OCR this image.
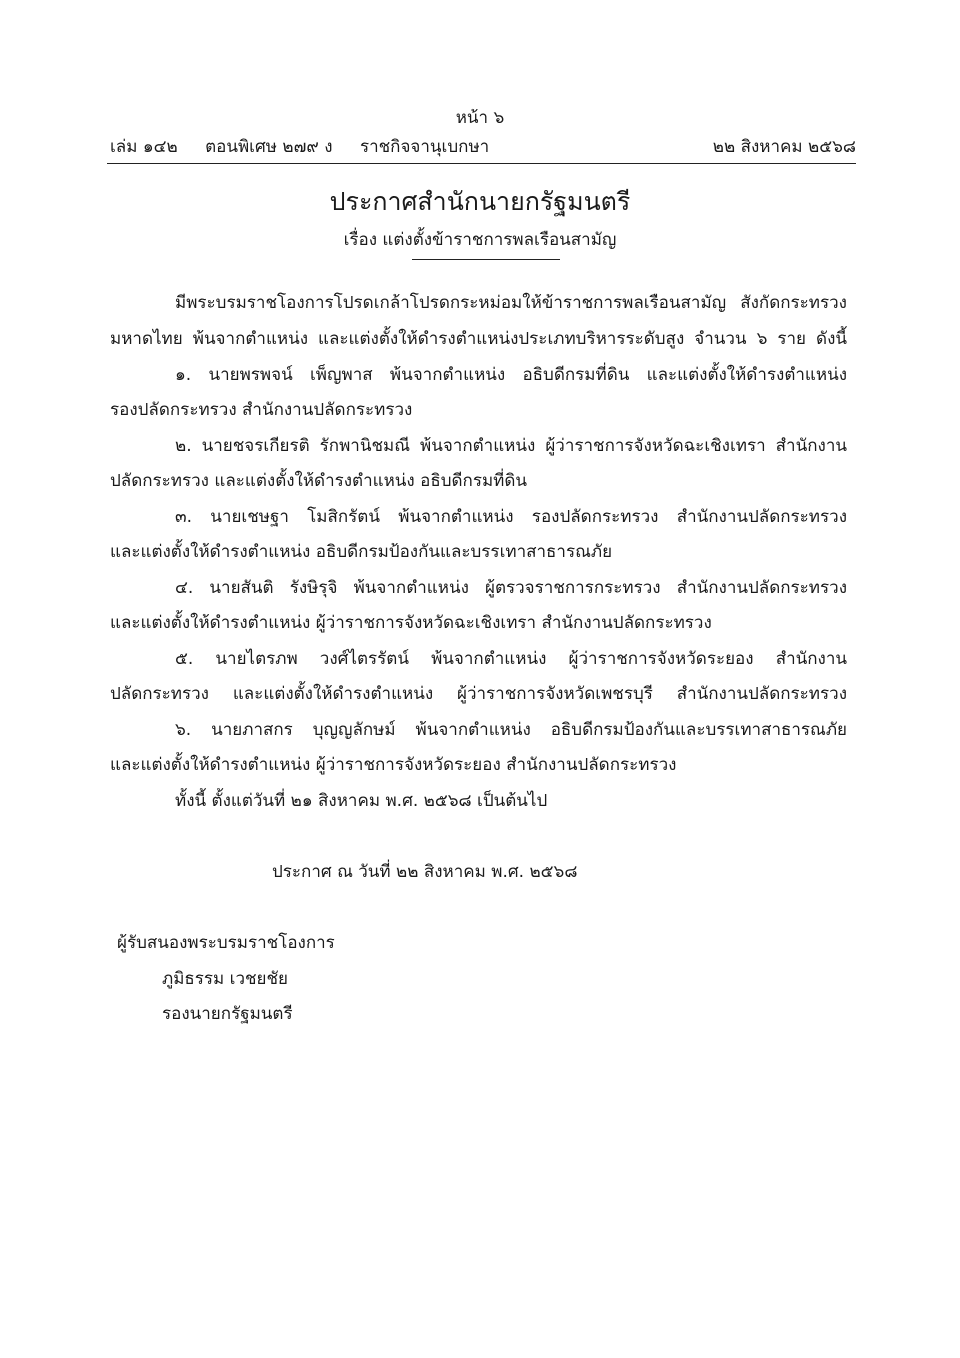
หน้า ๖
เล่ม ๑๔๒ ตอนพิเศษ ๒๗๙ ง ราชกิจจานุเบกษา	๒๒ สิงหาคม ๒๕๖๘
ประกาศสำนักนายกรัฐมนตรี
เรื่อง แต่งตั้งข้าราชการพลเรือนสามัญ
มีพระบรมราชโองการโปรดเกล้าโปรดกระหม่อมให้ข้าราชการพลเรือนสามัญ สังกัดกระทรวง
มหาดไทย พ้นจากตำแหน่ง และแต่งตั้งให้ดำรงตำแหน่งประเภทบริหารระดับสูง จำนวน ๖ ราย ดังนี้
๑. นายพรพจน์ เพ็ญพาส พ้นจากตำแหน่ง อธิบดีกรมที่ดิน และแต่งตั้งให้ดำรงตำแหน่ง
รองปลัดกระทรวง สำนักงานปลัดกระทรวง
๒. นายชจรเกียรติ รักพานิชมณี พ้นจากตำแหน่ง ผู้ว่าราชการจังหวัดฉะเชิงเทรา สำนักงาน
ปลัดกระทรวง และแต่งตั้งให้ดำรงตำแหน่ง อธิบดีกรมที่ดิน
๓. นายเชษฐา โมสิกรัตน์ พ้นจากตำแหน่ง รองปลัดกระทรวง สำนักงานปลัดกระทรวง
และแต่งตั้งให้ดำรงตำแหน่ง อธิบดีกรมป้องกันและบรรเทาสาธารณภัย
๔. นายสันติ รังษิรุจิ พ้นจากตำแหน่ง ผู้ตรวจราชการกระทรวง สำนักงานปลัดกระทรวง
และแต่งตั้งให้ดำรงตำแหน่ง ผู้ว่าราชการจังหวัดฉะเชิงเทรา สำนักงานปลัดกระทรวง
๕. นายไตรภพ วงศ์ไตรรัตน์ พ้นจากตำแหน่ง ผู้ว่าราชการจังหวัดระยอง สำนักงาน
ปลัดกระทรวง และแต่งตั้งให้ดำรงตำแหน่ง ผู้ว่าราชการจังหวัดเพชรบุรี สำนักงานปลัดกระทรวง
๖. นายภาสกร บุญญลักษม์ พ้นจากตำแหน่ง อธิบดีกรมป้องกันและบรรเทาสาธารณภัย
และแต่งตั้งให้ดำรงตำแหน่ง ผู้ว่าราชการจังหวัดระยอง สำนักงานปลัดกระทรวง
ทั้งนี้ ตั้งแต่วันที่ ๒๑ สิงหาคม พ.ศ. ๒๕๖๘ เป็นต้นไป
ประกาศ ณ วันที่ ๒๒ สิงหาคม พ.ศ. ๒๕๖๘
ผู้รับสนองพระบรมราชโองการ
ภูมิธรรม เวชยชัย
รองนายกรัฐมนตรี
